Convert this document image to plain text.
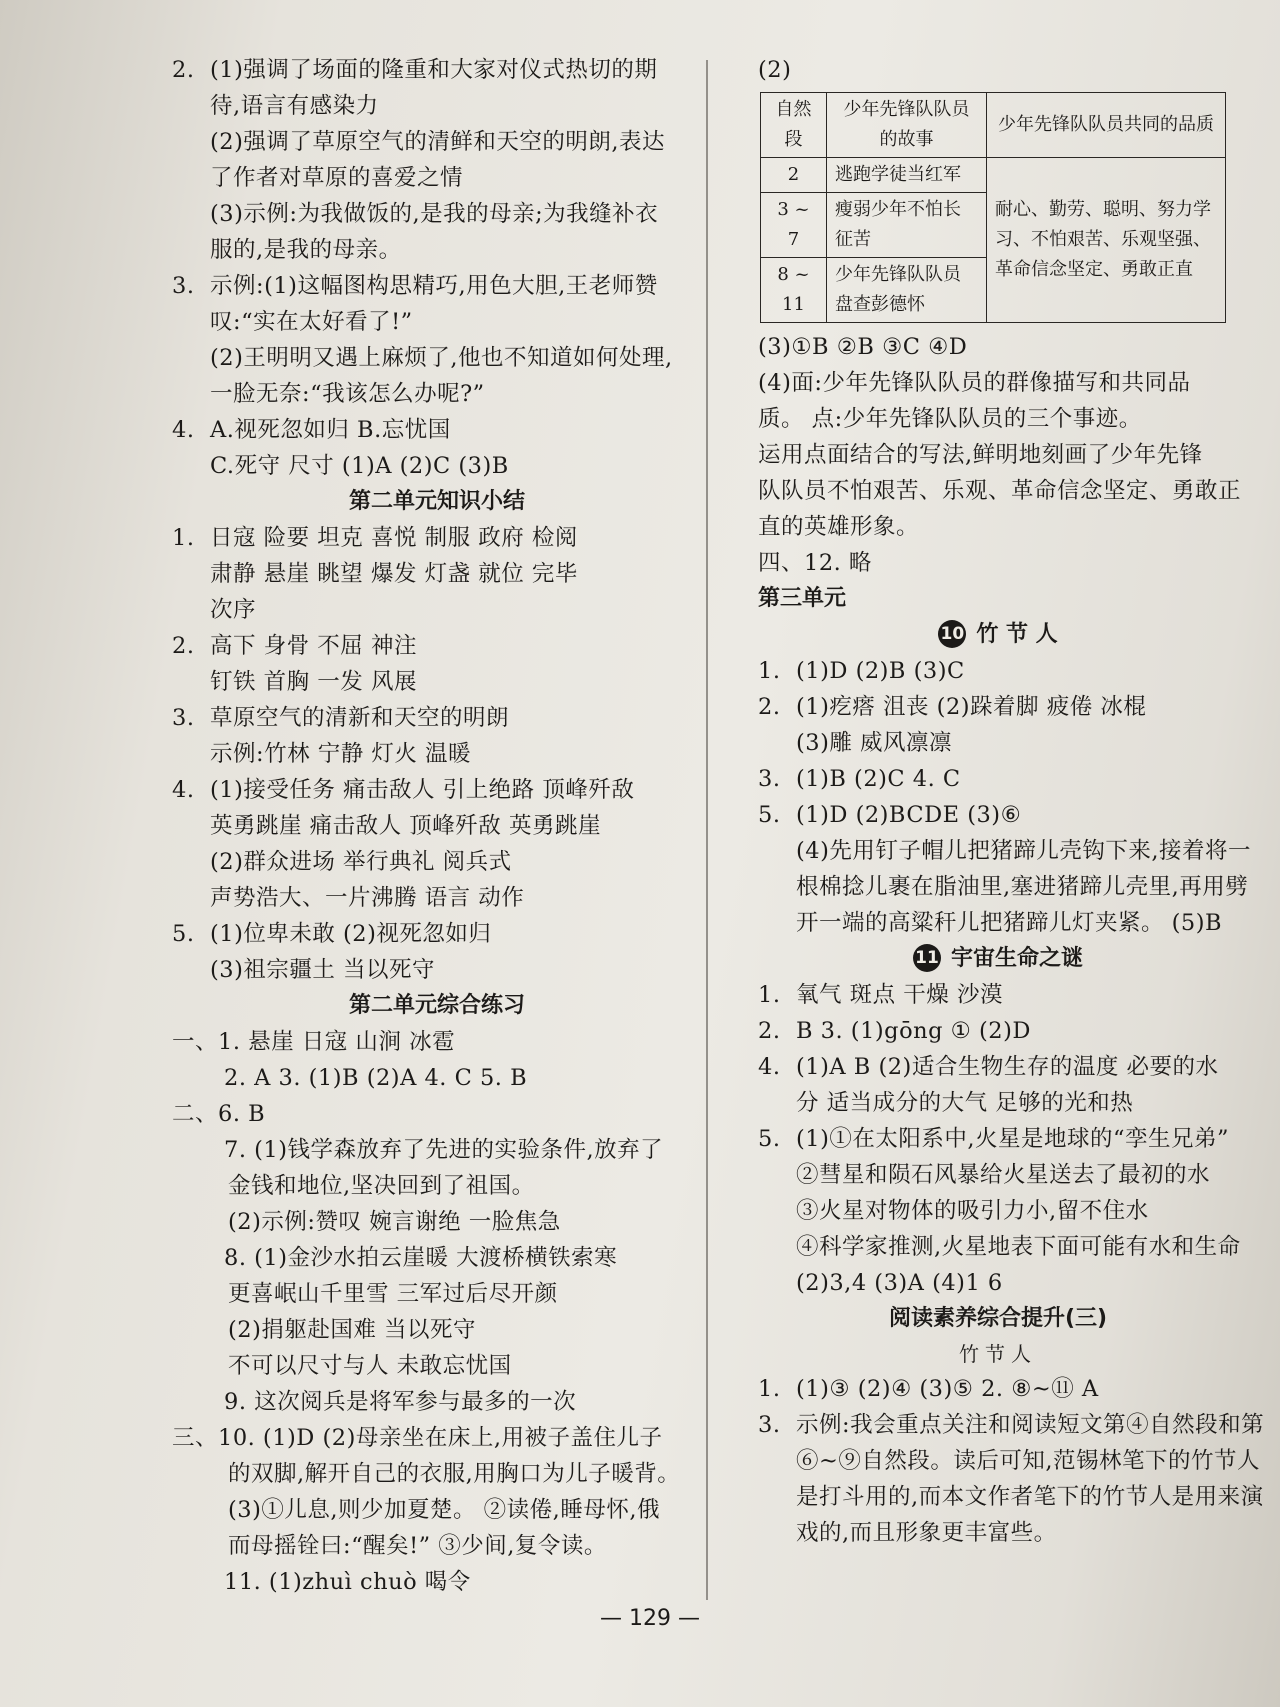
2. (1)强调了场面的隆重和大家对仪式热切的期
待,语言有感染力
(2)强调了草原空气的清鲜和天空的明朗,表达
了作者对草原的喜爱之情
(3)示例:为我做饭的,是我的母亲;为我缝补衣
服的,是我的母亲。
3. 示例:(1)这幅图构思精巧,用色大胆,王老师赞
叹:“实在太好看了!”
(2)王明明又遇上麻烦了,他也不知道如何处理,
一脸无奈:“我该怎么办呢?”
4. A.视死忽如归 B.忘忧国
C.死守 尺寸 (1)A (2)C (3)B
第二单元知识小结
1. 日寇 险要 坦克 喜悦 制服 政府 检阅
肃静 悬崖 眺望 爆发 灯盏 就位 完毕
次序
2. 高下 身骨 不屈 神注
钉铁 首胸 一发 风展
3. 草原空气的清新和天空的明朗
示例:竹林 宁静 灯火 温暖
4. (1)接受任务 痛击敌人 引上绝路 顶峰歼敌
英勇跳崖 痛击敌人 顶峰歼敌 英勇跳崖
(2)群众进场 举行典礼 阅兵式
声势浩大、一片沸腾 语言 动作
5. (1)位卑未敢 (2)视死忽如归
(3)祖宗疆土 当以死守
第二单元综合练习
一、1. 悬崖 日寇 山涧 冰雹
2. A 3. (1)B (2)A 4. C 5. B
二、6. B
7. (1)钱学森放弃了先进的实验条件,放弃了
金钱和地位,坚决回到了祖国。
(2)示例:赞叹 婉言谢绝 一脸焦急
8. (1)金沙水拍云崖暖 大渡桥横铁索寒
更喜岷山千里雪 三军过后尽开颜
(2)捐躯赴国难 当以死守
不可以尺寸与人 未敢忘忧国
9. 这次阅兵是将军参与最多的一次
三、10. (1)D (2)母亲坐在床上,用被子盖住儿子
的双脚,解开自己的衣服,用胸口为儿子暖背。
(3)①儿息,则少加夏楚。 ②读倦,睡母怀,俄
而母摇铨曰:“醒矣!” ③少间,复令读。
11. (1)zhuì chuò 喝令
(2)
自然段	少年先锋队队员的故事	少年先锋队队员共同的品质
2	逃跑学徒当红军	耐心、勤劳、聪明、努力学习、不怕艰苦、乐观坚强、革命信念坚定、勇敢正直
3 ~ 7	瘦弱少年不怕长征苦	
8 ~ 11	少年先锋队队员盘查彭德怀	
(3)①B ②B ③C ④D
(4)面:少年先锋队队员的群像描写和共同品
质。 点:少年先锋队队员的三个事迹。
运用点面结合的写法,鲜明地刻画了少年先锋
队队员不怕艰苦、乐观、革命信念坚定、勇敢正
直的英雄形象。
四、12. 略
第三单元
10 竹 节 人
1. (1)D (2)B (3)C
2. (1)疙瘩 沮丧 (2)跺着脚 疲倦 冰棍
(3)雕 威风凛凛
3. (1)B (2)C 4. C
5. (1)D (2)BCDE (3)⑥
(4)先用钉子帽儿把猪蹄儿壳钩下来,接着将一
根棉捻儿裹在脂油里,塞进猪蹄儿壳里,再用劈
开一端的高粱秆儿把猪蹄儿灯夹紧。 (5)B
11 宇宙生命之谜
1. 氧气 斑点 干燥 沙漠
2. B 3. (1)gōng ① (2)D
4. (1)A B (2)适合生物生存的温度 必要的水
分 适当成分的大气 足够的光和热
5. (1)①在太阳系中,火星是地球的“孪生兄弟”
②彗星和陨石风暴给火星送去了最初的水
③火星对物体的吸引力小,留不住水
④科学家推测,火星地表下面可能有水和生命
(2)3,4 (3)A (4)1 6
阅读素养综合提升(三)
竹节人
1. (1)③ (2)④ (3)⑤ 2. ⑧~⑪ A
3. 示例:我会重点关注和阅读短文第④自然段和第
⑥~⑨自然段。读后可知,范锡林笔下的竹节人
是打斗用的,而本文作者笔下的竹节人是用来演
戏的,而且形象更丰富些。
— 129 —
